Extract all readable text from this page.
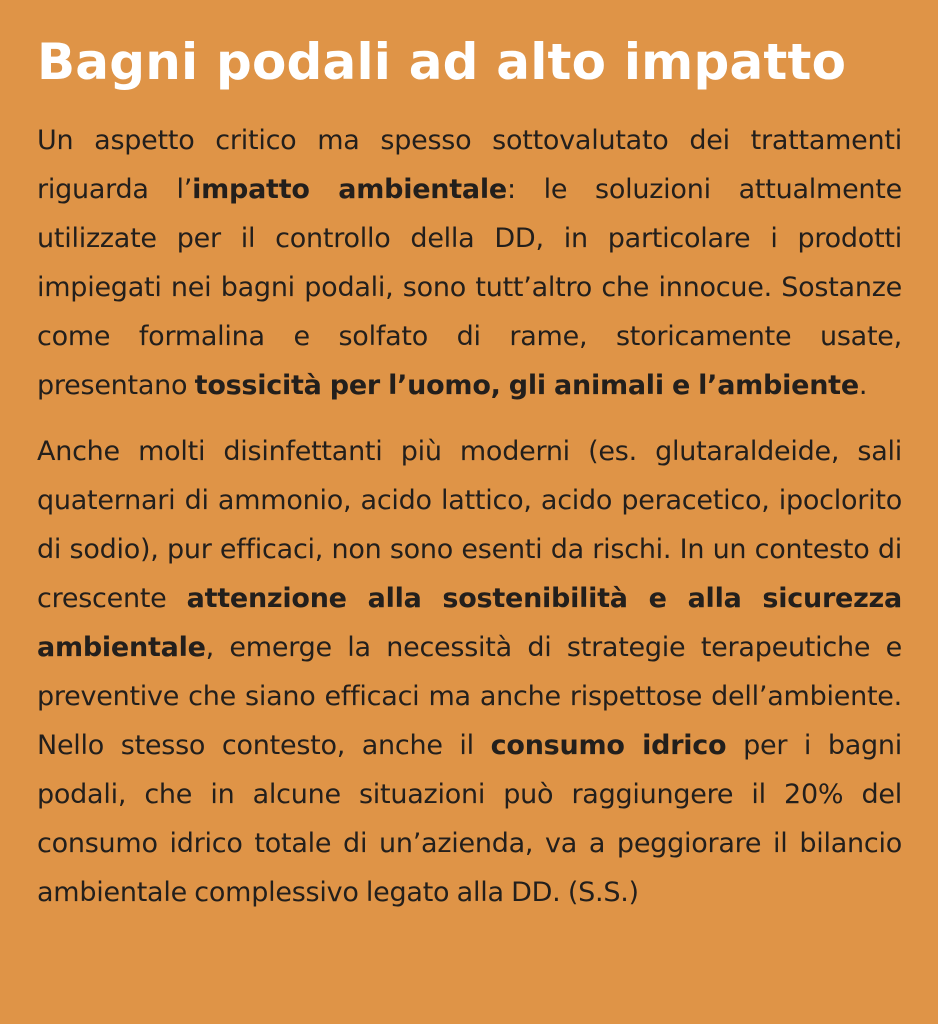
Bagni podali ad alto impatto

Un aspetto critico ma spesso sottovalutato dei trattamenti riguarda l’impatto ambientale: le soluzioni attualmente utilizzate per il controllo della DD, in particolare i prodotti impiegati nei bagni podali, sono tutt’altro che innocue. Sostanze come formalina e solfato di rame, storicamente usate, presentano tossicità per l’uomo, gli animali e l’ambiente.

Anche molti disinfettanti più moderni (es. glutaraldeide, sali quaternari di ammonio, acido lattico, acido peracetico, ipoclorito di sodio), pur efficaci, non sono esenti da rischi. In un contesto di crescente attenzione alla sostenibilità e alla sicurezza ambientale, emerge la necessità di strategie terapeutiche e preventive che siano efficaci ma anche rispettose dell’ambiente. Nello stesso contesto, anche il consumo idrico per i bagni podali, che in alcune situazioni può raggiungere il 20% del consumo idrico totale di un’azienda, va a peggiorare il bilancio ambientale complessivo legato alla DD. (S.S.)
